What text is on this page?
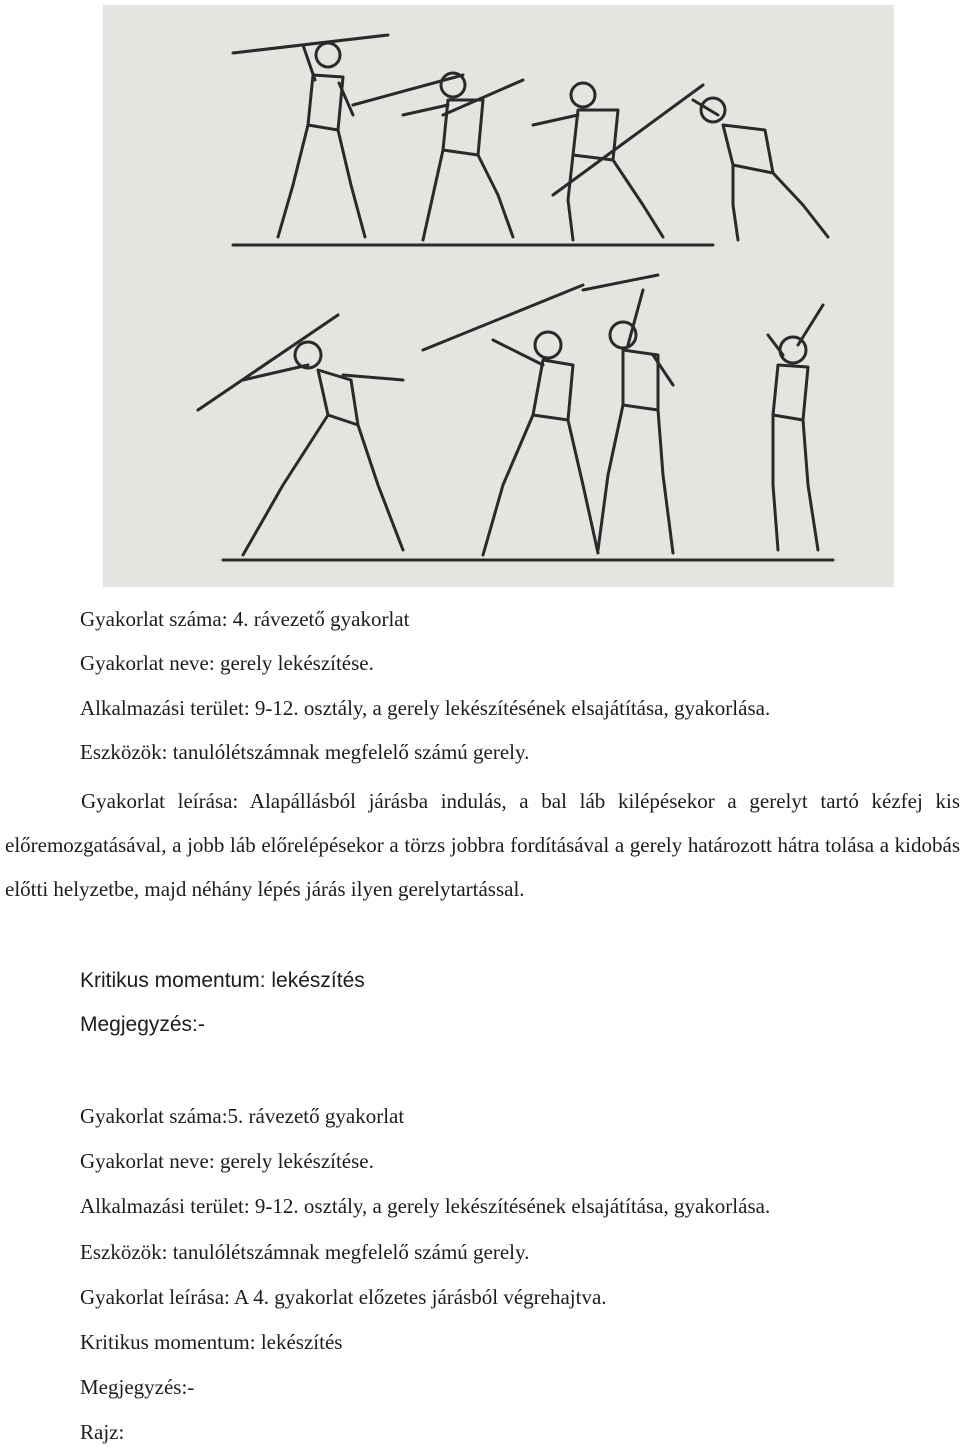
Gyakorlat száma: 4. rávezető gyakorlat
Gyakorlat neve: gerely lekészítése.
Alkalmazási terület: 9-12. osztály, a gerely lekészítésének elsajátítása, gyakorlása.
Eszközök: tanulólétszámnak megfelelő számú gerely.

Gyakorlat leírása: Alapállásból járásba indulás, a bal láb kilépésekor a gerelyt tartó kézfej kis előremozgatásával, a jobb láb előrelépésekor a törzs jobbra fordításával a gerely határozott hátra tolása a kidobás előtti helyzetbe, majd néhány lépés járás ilyen gerelytartással.

Kritikus momentum: lekészítés
Megjegyzés:-
Gyakorlat száma:5. rávezető gyakorlat
Gyakorlat neve: gerely lekészítése.
Alkalmazási terület: 9-12. osztály, a gerely lekészítésének elsajátítása, gyakorlása.
Eszközök: tanulólétszámnak megfelelő számú gerely.
Gyakorlat leírása: A 4. gyakorlat előzetes járásból végrehajtva.
Kritikus momentum: lekészítés
Megjegyzés:-
Rajz:
